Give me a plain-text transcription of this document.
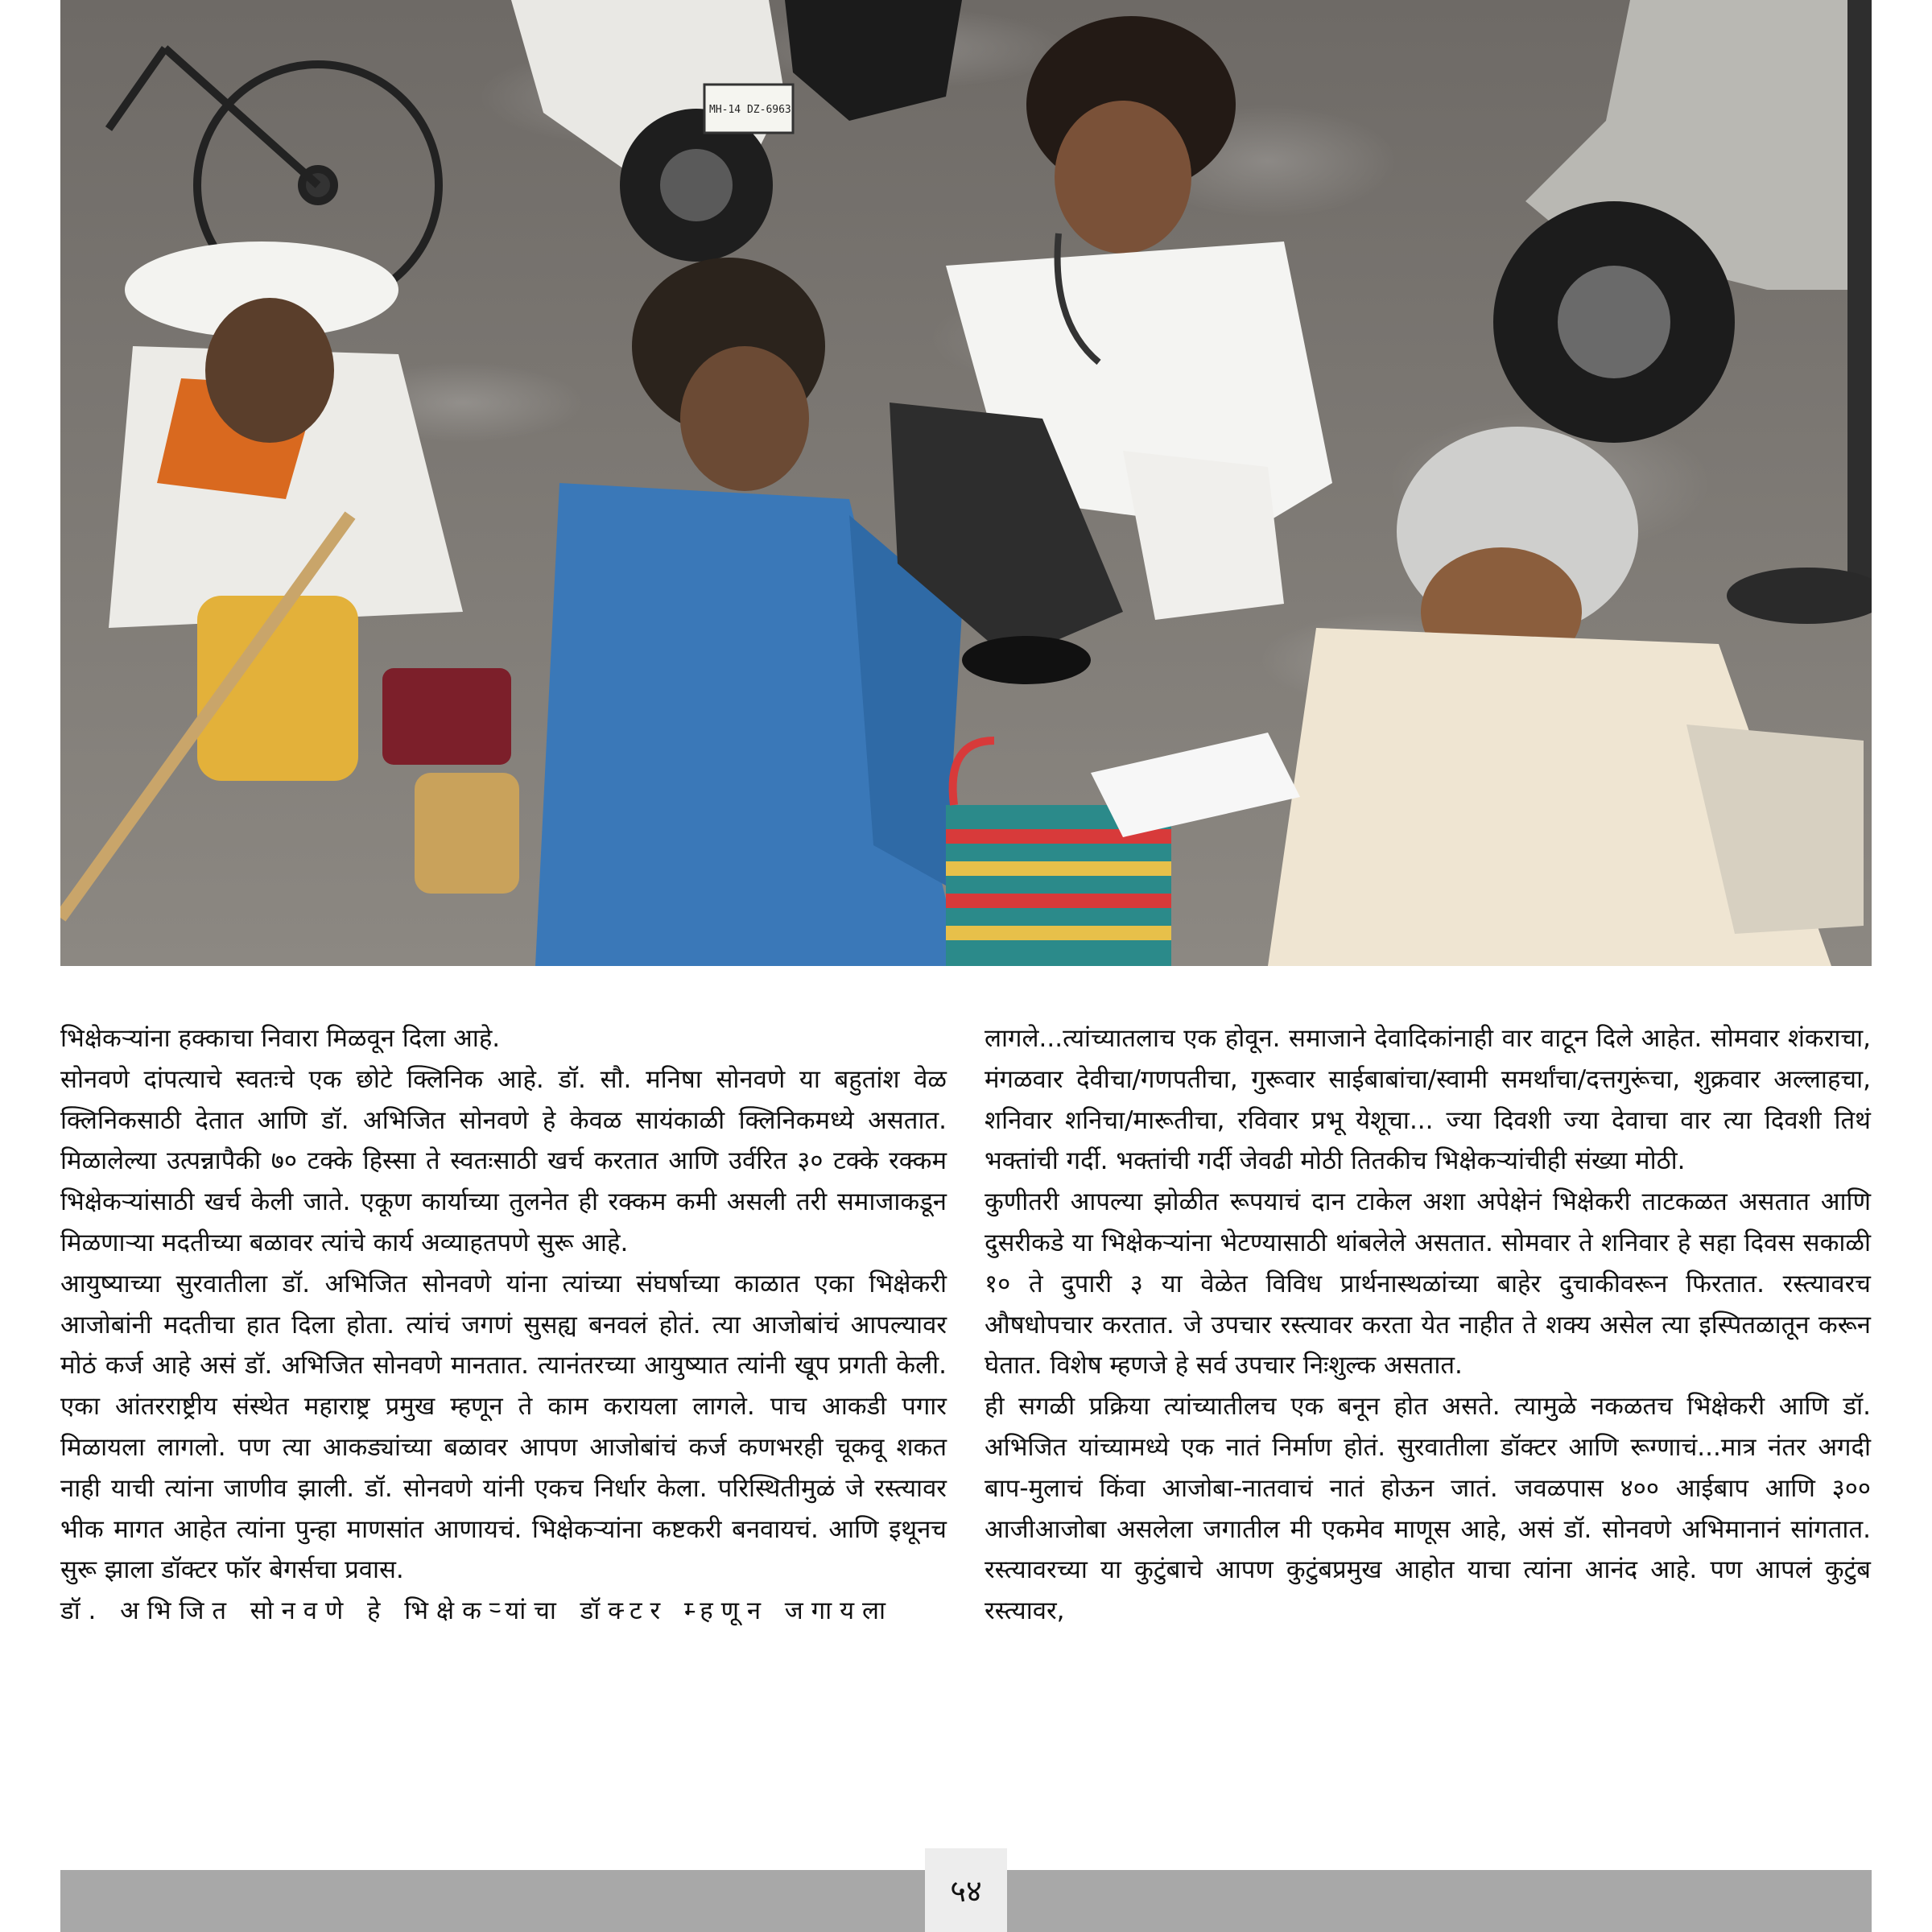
MH-14 DZ-6963

भिक्षेकऱ्यांना हक्काचा निवारा मिळवून दिला आहे.

सोनवणे दांपत्याचे स्वतःचे एक छोटे क्लिनिक आहे. डॉ. सौ. मनिषा सोनवणे या बहुतांश वेळ क्लिनिकसाठी देतात आणि डॉ. अभिजित सोनवणे हे केवळ सायंकाळी क्लिनिकमध्ये असतात. मिळालेल्या उत्पन्नापैकी ७० टक्के हिस्सा ते स्वतःसाठी खर्च करतात आणि उर्वरित ३० टक्के रक्कम भिक्षेकऱ्यांसाठी खर्च केली जाते. एकूण कार्याच्या तुलनेत ही रक्कम कमी असली तरी समाजाकडून मिळणाऱ्या मदतीच्या बळावर त्यांचे कार्य अव्याहतपणे सुरू आहे.

आयुष्याच्या सुरवातीला डॉ. अभिजित सोनवणे यांना त्यांच्या संघर्षाच्या काळात एका भिक्षेकरी आजोबांनी मदतीचा हात दिला होता. त्यांचं जगणं सुसह्य बनवलं होतं. त्या आजोबांचं आपल्यावर मोठं कर्ज आहे असं डॉ. अभिजित सोनवणे मानतात. त्यानंतरच्या आयुष्यात त्यांनी खूप प्रगती केली. एका आंतरराष्ट्रीय संस्थेत महाराष्ट्र प्रमुख म्हणून ते काम करायला लागले. पाच आकडी पगार मिळायला लागलो. पण त्या आकड्यांच्या बळावर आपण आजोबांचं कर्ज कणभरही चूकवू शकत नाही याची त्यांना जाणीव झाली. डॉ. सोनवणे यांनी एकच निर्धार केला. परिस्थितीमुळं जे रस्त्यावर भीक मागत आहेत त्यांना पुन्हा माणसांत आणायचं. भिक्षेकऱ्यांना कष्टकरी बनवायचं. आणि इथूनच सुरू झाला डॉक्टर फॉर बेगर्सचा प्रवास.

डॉ. अभिजित सोनवणे हे भिक्षेकऱ्यांचा डॉक्टर म्हणून जगायला

लागले...त्यांच्यातलाच एक होवून. समाजाने देवादिकांनाही वार वाटून दिले आहेत. सोमवार शंकराचा, मंगळवार देवीचा/गणपतीचा, गुरूवार साईबाबांचा/स्वामी समर्थांचा/दत्तगुरूंचा, शुक्रवार अल्लाहचा, शनिवार शनिचा/मारूतीचा, रविवार प्रभू येशूचा... ज्या दिवशी ज्या देवाचा वार त्या दिवशी तिथं भक्तांची गर्दी. भक्तांची गर्दी जेवढी मोठी तितकीच भिक्षेकऱ्यांचीही संख्या मोठी.

कुणीतरी आपल्या झोळीत रूपयाचं दान टाकेल अशा अपेक्षेनं भिक्षेकरी ताटकळत असतात आणि दुसरीकडे या भिक्षेकऱ्यांना भेटण्यासाठी थांबलेले असतात. सोमवार ते शनिवार हे सहा दिवस सकाळी १० ते दुपारी ३ या वेळेत विविध प्रार्थनास्थळांच्या बाहेर दुचाकीवरून फिरतात. रस्त्यावरच औषधोपचार करतात. जे उपचार रस्त्यावर करता येत नाहीत ते शक्य असेल त्या इस्पितळातून करून घेतात. विशेष म्हणजे हे सर्व उपचार निःशुल्क असतात.

ही सगळी प्रक्रिया त्यांच्यातीलच एक बनून होत असते. त्यामुळे नकळतच भिक्षेकरी आणि डॉ. अभिजित यांच्यामध्ये एक नातं निर्माण होतं. सुरवातीला डॉक्टर आणि रूग्णाचं...मात्र नंतर अगदी बाप-मुलाचं किंवा आजोबा-नातवाचं नातं होऊन जातं. जवळपास ४०० आईबाप आणि ३०० आजीआजोबा असलेला जगातील मी एकमेव माणूस आहे, असं डॉ. सोनवणे अभिमानानं सांगतात. रस्त्यावरच्या या कुटुंबाचे आपण कुटुंबप्रमुख आहोत याचा त्यांना आनंद आहे. पण आपलं कुटुंब रस्त्यावर,

५४
